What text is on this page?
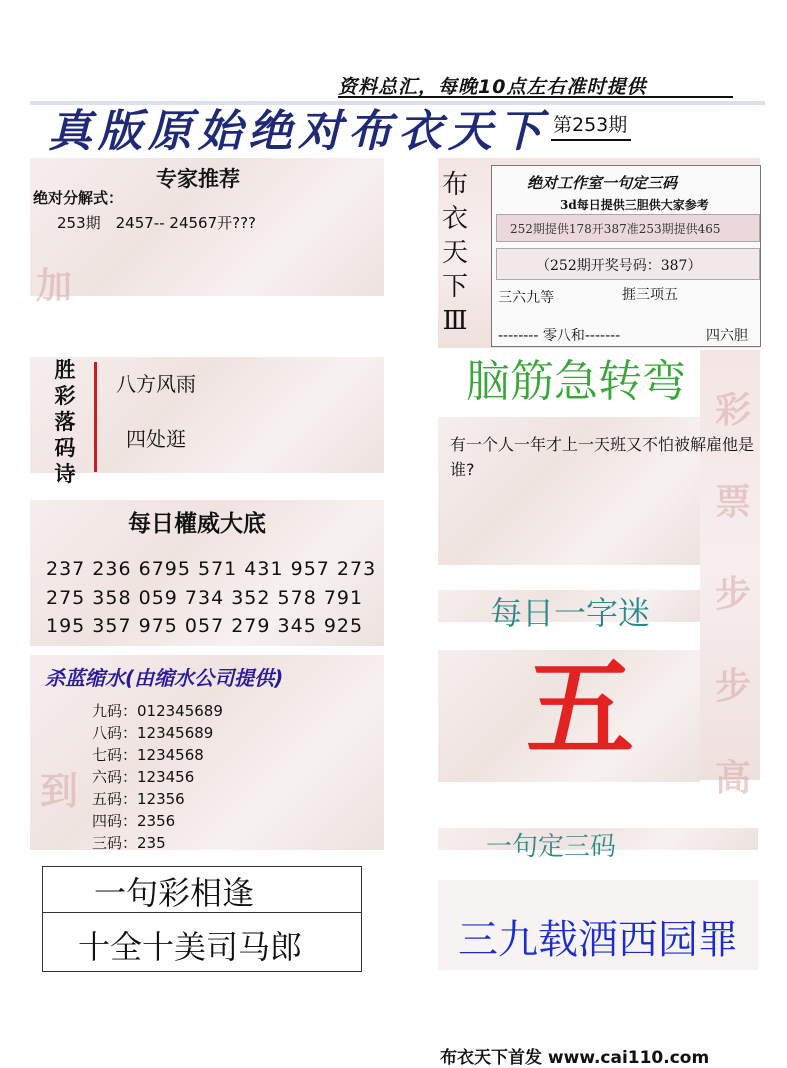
资料总汇，每晚10点左右准时提供
真版原始绝对布衣天下 第253期
专家推荐
绝对分解式：
253期　2457-- 24567开???
加
胜
彩
落
码
诗
八方风雨
四处逛
每日權威大底
237 236 6795 571 431 957 273
275 358 059 734 352 578 791
195 357 975 057 279 345 925
杀蓝缩水(由缩水公司提供)
九码：012345689
八码：12345689
七码：1234568
六码：123456
五码：12356
四码：2356
三码：235
到
一句彩相逢
十全十美司马郎
布
衣
天
下
Ⅲ
绝对工作室一句定三码
3d每日提供三胆供大家参考
252期提供178开387准253期提供465
（252期开奖号码：387）
三六九等	捱三项五
-------- 零八和-------	四六胆
彩
票
步
步
高
脑筋急转弯
有一个人一年才上一天班又不怕被解雇他是谁?
每日一字迷
五
一句定三码
三九载酒西园罪
布衣天下首发 www.cai110.com
